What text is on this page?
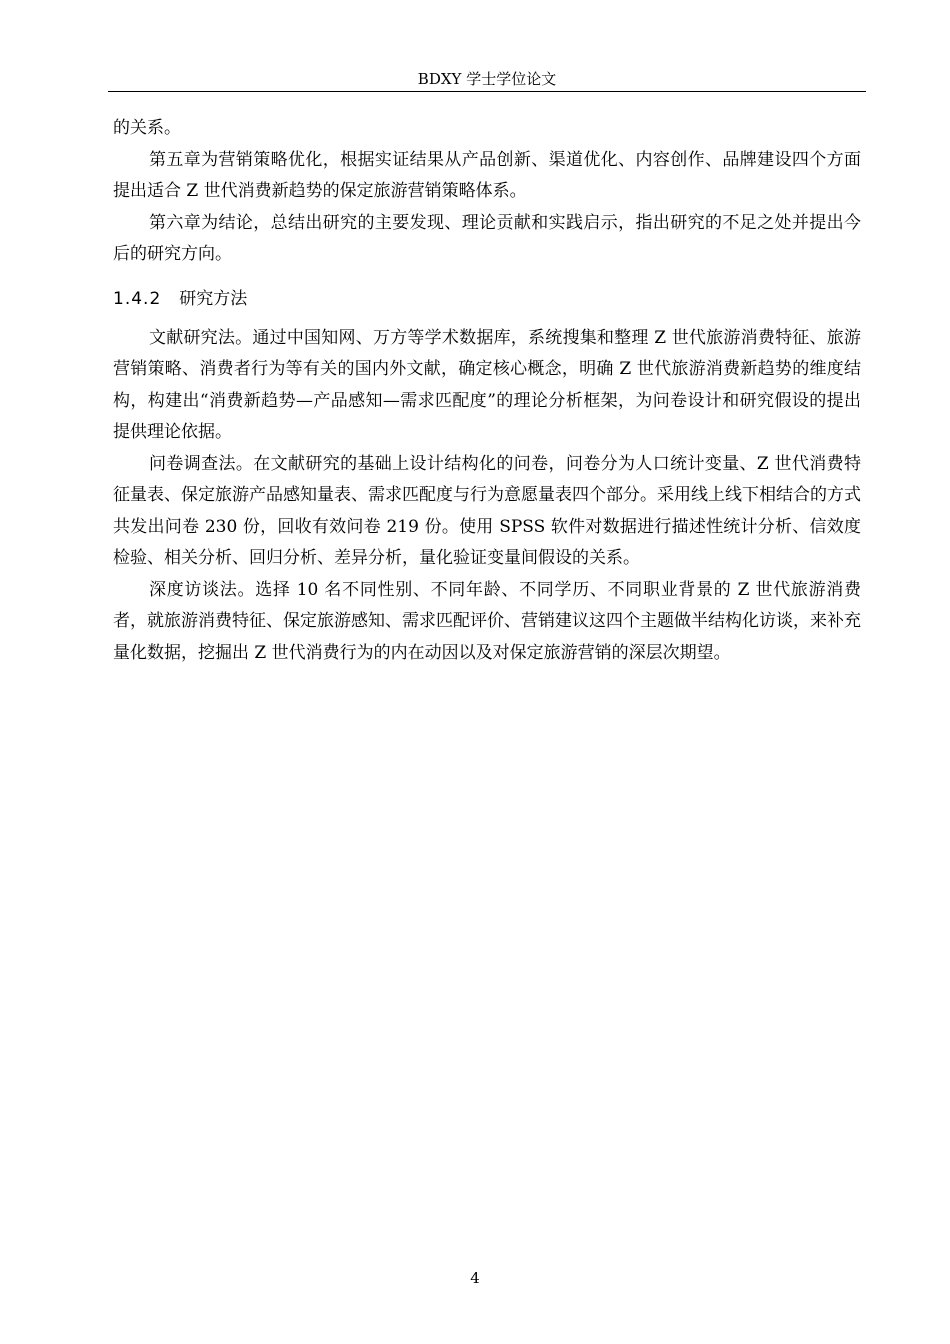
BDXY 学士学位论文

的关系。

第五章为营销策略优化，根据实证结果从产品创新、渠道优化、内容创作、品牌建设四个方面提出适合 Z 世代消费新趋势的保定旅游营销策略体系。

第六章为结论，总结出研究的主要发现、理论贡献和实践启示，指出研究的不足之处并提出今后的研究方向。

1.4.2 研究方法

文献研究法。通过中国知网、万方等学术数据库，系统搜集和整理 Z 世代旅游消费特征、旅游营销策略、消费者行为等有关的国内外文献，确定核心概念，明确 Z 世代旅游消费新趋势的维度结构，构建出“消费新趋势—产品感知—需求匹配度”的理论分析框架，为问卷设计和研究假设的提出提供理论依据。

问卷调查法。在文献研究的基础上设计结构化的问卷，问卷分为人口统计变量、Z 世代消费特征量表、保定旅游产品感知量表、需求匹配度与行为意愿量表四个部分。采用线上线下相结合的方式共发出问卷 230 份，回收有效问卷 219 份。使用 SPSS 软件对数据进行描述性统计分析、信效度检验、相关分析、回归分析、差异分析，量化验证变量间假设的关系。

深度访谈法。选择 10 名不同性别、不同年龄、不同学历、不同职业背景的 Z 世代旅游消费者，就旅游消费特征、保定旅游感知、需求匹配评价、营销建议这四个主题做半结构化访谈，来补充量化数据，挖掘出 Z 世代消费行为的内在动因以及对保定旅游营销的深层次期望。

4
